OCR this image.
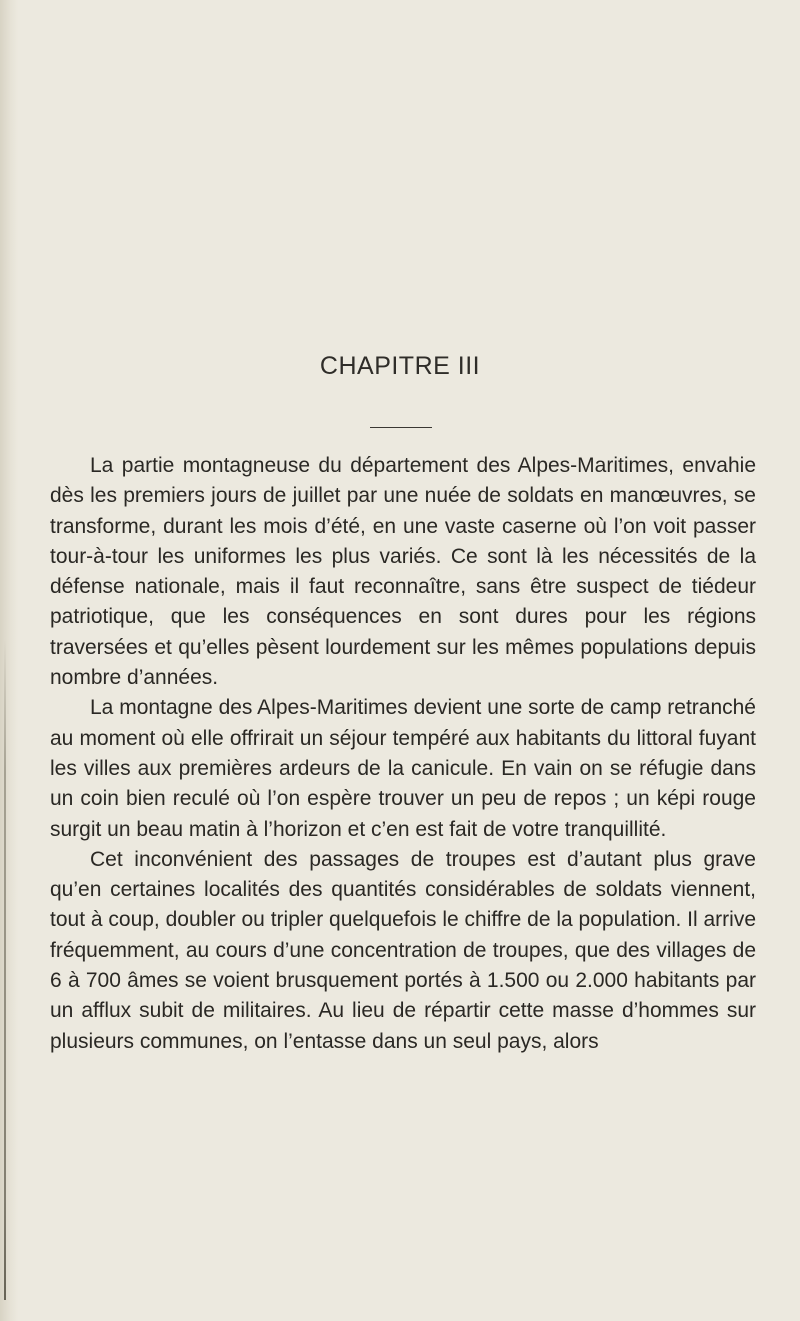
CHAPITRE III

La partie montagneuse du département des Alpes-Maritimes, envahie dès les premiers jours de juillet par une nuée de soldats en manœuvres, se transforme, durant les mois d’été, en une vaste caserne où l’on voit passer tour-à-tour les uniformes les plus variés. Ce sont là les nécessités de la défense nationale, mais il faut reconnaître, sans être suspect de tiédeur patriotique, que les conséquences en sont dures pour les régions traversées et qu’elles pèsent lourdement sur les mêmes populations depuis nombre d’années.

La montagne des Alpes-Maritimes devient une sorte de camp retranché au moment où elle offrirait un séjour tempéré aux habitants du littoral fuyant les villes aux premières ardeurs de la canicule. En vain on se réfugie dans un coin bien reculé où l’on espère trouver un peu de repos ; un képi rouge surgit un beau matin à l’horizon et c’en est fait de votre tranquillité.

Cet inconvénient des passages de troupes est d’autant plus grave qu’en certaines localités des quantités considérables de soldats viennent, tout à coup, doubler ou tripler quelquefois le chiffre de la population. Il arrive fréquemment, au cours d’une concentration de troupes, que des villages de 6 à 700 âmes se voient brusquement portés à 1.500 ou 2.000 habitants par un afflux subit de militaires. Au lieu de répartir cette masse d’hommes sur plusieurs communes, on l’entasse dans un seul pays, alors
